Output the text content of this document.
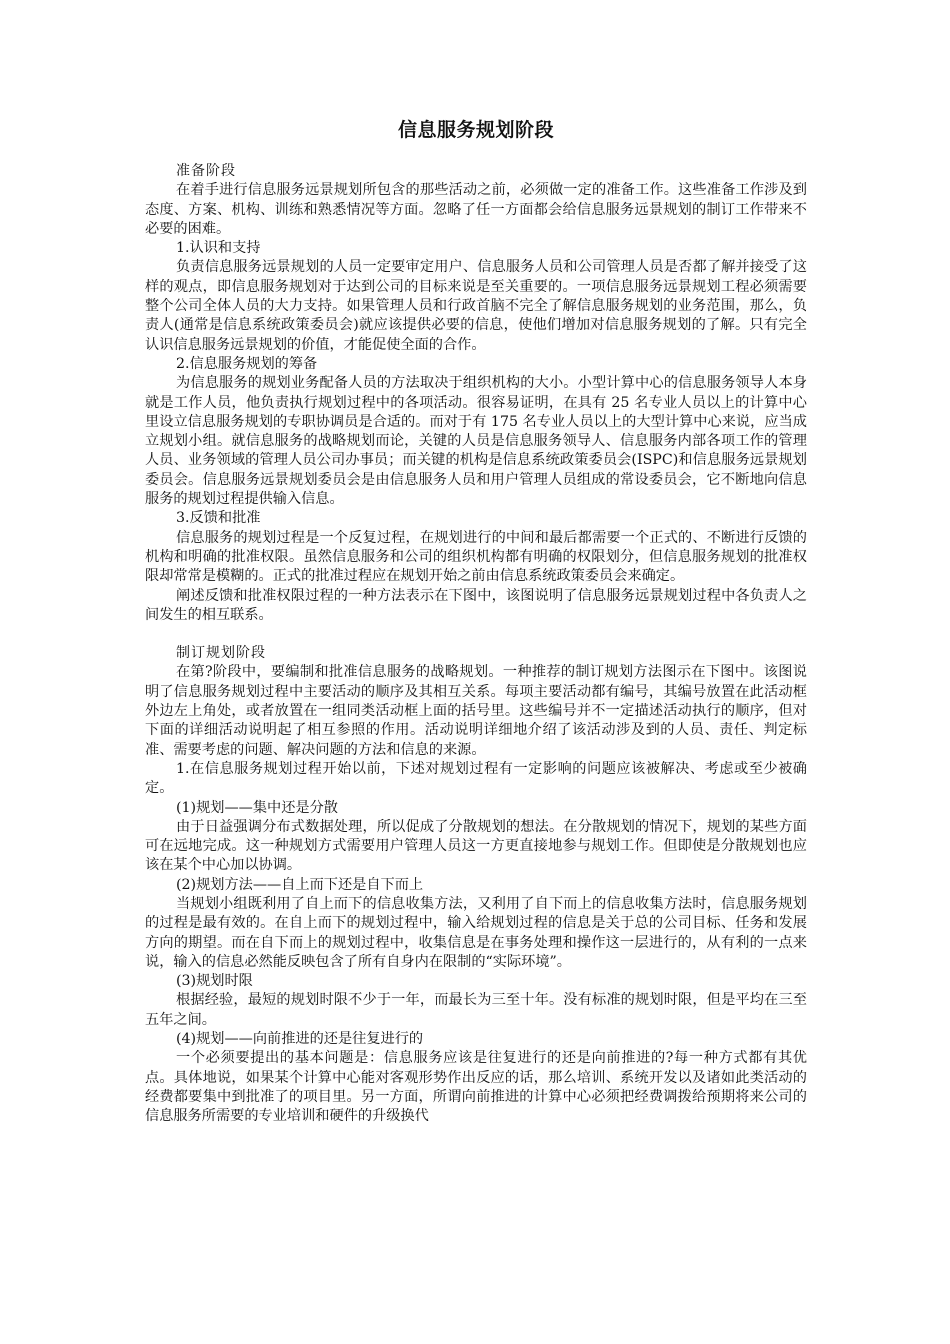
信息服务规划阶段

准备阶段

在着手进行信息服务远景规划所包含的那些活动之前，必须做一定的准备工作。这些准备工作涉及到态度、方案、机构、训练和熟悉情况等方面。忽略了任一方面都会给信息服务远景规划的制订工作带来不必要的困难。

1.认识和支持

负责信息服务远景规划的人员一定要审定用户、信息服务人员和公司管理人员是否都了解并接受了这样的观点，即信息服务规划对于达到公司的目标来说是至关重要的。一项信息服务远景规划工程必须需要整个公司全体人员的大力支持。如果管理人员和行政首脑不完全了解信息服务规划的业务范围，那么，负责人(通常是信息系统政策委员会)就应该提供必要的信息，使他们增加对信息服务规划的了解。只有完全认识信息服务远景规划的价值，才能促使全面的合作。

2.信息服务规划的筹备

为信息服务的规划业务配备人员的方法取决于组织机构的大小。小型计算中心的信息服务领导人本身就是工作人员，他负责执行规划过程中的各项活动。很容易证明，在具有 25 名专业人员以上的计算中心里设立信息服务规划的专职协调员是合适的。而对于有 175 名专业人员以上的大型计算中心来说，应当成立规划小组。就信息服务的战略规划而论，关键的人员是信息服务领导人、信息服务内部各项工作的管理人员、业务领域的管理人员公司办事员；而关键的机构是信息系统政策委员会(ISPC)和信息服务远景规划委员会。信息服务远景规划委员会是由信息服务人员和用户管理人员组成的常设委员会，它不断地向信息服务的规划过程提供输入信息。

3.反馈和批准

信息服务的规划过程是一个反复过程，在规划进行的中间和最后都需要一个正式的、不断进行反馈的机构和明确的批准权限。虽然信息服务和公司的组织机构都有明确的权限划分，但信息服务规划的批准权限却常常是模糊的。正式的批准过程应在规划开始之前由信息系统政策委员会来确定。

阐述反馈和批准权限过程的一种方法表示在下图中，该图说明了信息服务远景规划过程中各负责人之间发生的相互联系。

制订规划阶段

在第?阶段中，要编制和批准信息服务的战略规划。一种推荐的制订规划方法图示在下图中。该图说明了信息服务规划过程中主要活动的顺序及其相互关系。每项主要活动都有编号，其编号放置在此活动框外边左上角处，或者放置在一组同类活动框上面的括号里。这些编号并不一定描述活动执行的顺序，但对下面的详细活动说明起了相互参照的作用。活动说明详细地介绍了该活动涉及到的人员、责任、判定标准、需要考虑的问题、解决问题的方法和信息的来源。

1.在信息服务规划过程开始以前，下述对规划过程有一定影响的问题应该被解决、考虑或至少被确定。

(1)规划——集中还是分散

由于日益强调分布式数据处理，所以促成了分散规划的想法。在分散规划的情况下，规划的某些方面可在远地完成。这一种规划方式需要用户管理人员这一方更直接地参与规划工作。但即使是分散规划也应该在某个中心加以协调。

(2)规划方法——自上而下还是自下而上

当规划小组既利用了自上而下的信息收集方法，又利用了自下而上的信息收集方法时，信息服务规划的过程是最有效的。在自上而下的规划过程中，输入给规划过程的信息是关于总的公司目标、任务和发展方向的期望。而在自下而上的规划过程中，收集信息是在事务处理和操作这一层进行的，从有利的一点来说，输入的信息必然能反映包含了所有自身内在限制的“实际环境”。

(3)规划时限

根据经验，最短的规划时限不少于一年，而最长为三至十年。没有标准的规划时限，但是平均在三至五年之间。

(4)规划——向前推进的还是往复进行的

一个必须要提出的基本问题是：信息服务应该是往复进行的还是向前推进的?每一种方式都有其优点。具体地说，如果某个计算中心能对客观形势作出反应的话，那么培训、系统开发以及诸如此类活动的经费都要集中到批准了的项目里。另一方面，所谓向前推进的计算中心必须把经费调拨给预期将来公司的信息服务所需要的专业培训和硬件的升级换代
